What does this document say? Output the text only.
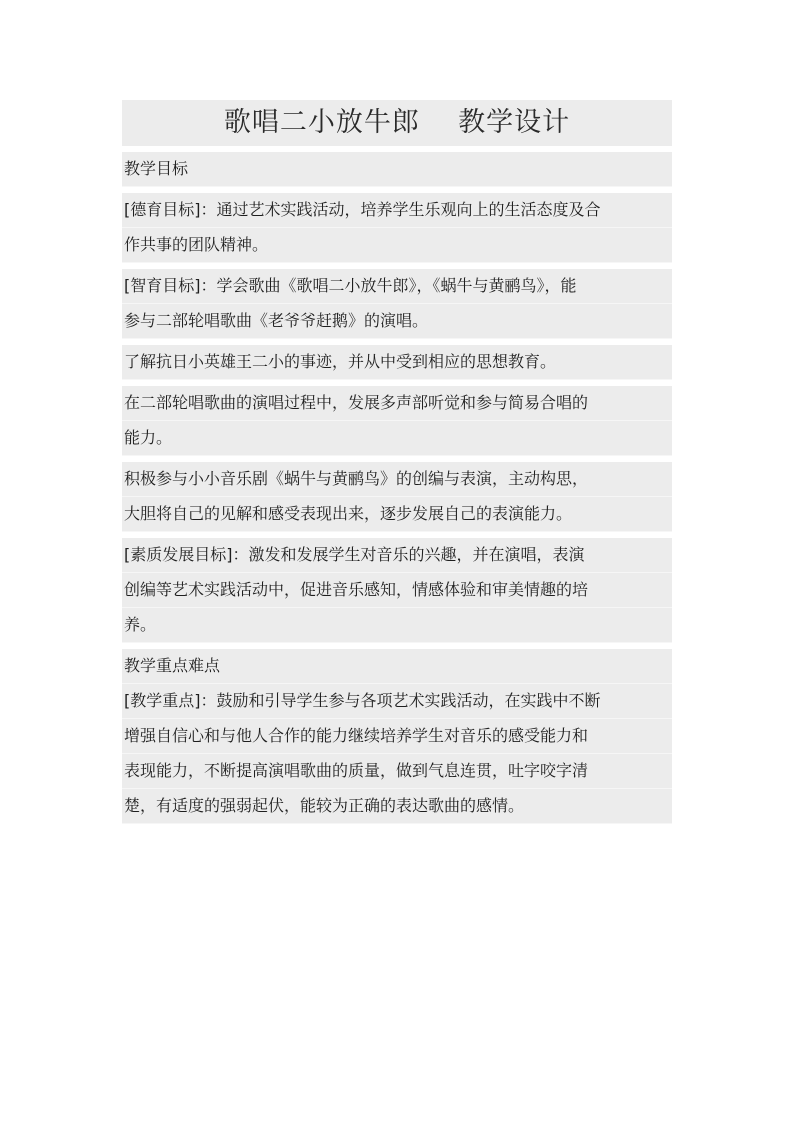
歌唱二小放牛郎    教学设计
教学目标
[德育目标]：通过艺术实践活动，培养学生乐观向上的生活态度及合
作共事的团队精神。
[智育目标]：学会歌曲《歌唱二小放牛郎》，《蜗牛与黄鹂鸟》，能
参与二部轮唱歌曲《老爷爷赶鹅》的演唱。
了解抗日小英雄王二小的事迹，并从中受到相应的思想教育。
在二部轮唱歌曲的演唱过程中，发展多声部听觉和参与简易合唱的
能力。
积极参与小小音乐剧《蜗牛与黄鹂鸟》的创编与表演，主动构思，
大胆将自己的见解和感受表现出来，逐步发展自己的表演能力。
[素质发展目标]：激发和发展学生对音乐的兴趣，并在演唱，表演
创编等艺术实践活动中，促进音乐感知，情感体验和审美情趣的培
养。
教学重点难点
[教学重点]：鼓励和引导学生参与各项艺术实践活动，在实践中不断
增强自信心和与他人合作的能力继续培养学生对音乐的感受能力和
表现能力，不断提高演唱歌曲的质量，做到气息连贯，吐字咬字清
楚，有适度的强弱起伏，能较为正确的表达歌曲的感情。
